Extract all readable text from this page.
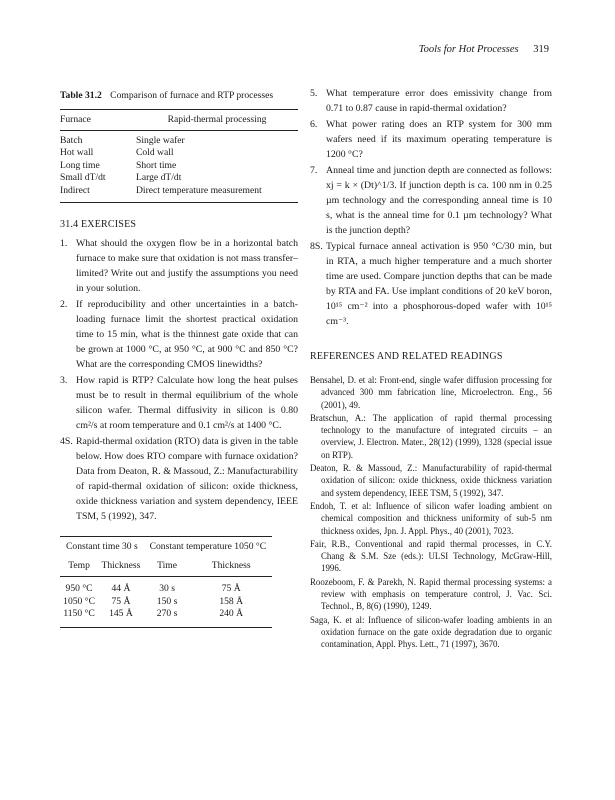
Tools for Hot Processes 319
Table 31.2 Comparison of furnace and RTP processes
Furnace	Rapid-thermal processing
Batch	Single wafer
Hot wall	Cold wall
Long time	Short time
Small dT/dt	Large dT/dt
Indirect	Direct temperature measurement
31.4 EXERCISES
1. What should the oxygen flow be in a horizontal batch furnace to make sure that oxidation is not mass transfer–limited? Write out and justify the assumptions you need in your solution.
2. If reproducibility and other uncertainties in a batch-loading furnace limit the shortest practical oxidation time to 15 min, what is the thinnest gate oxide that can be grown at 1000 °C, at 950 °C, at 900 °C and 850 °C? What are the corresponding CMOS linewidths?
3. How rapid is RTP? Calculate how long the heat pulses must be to result in thermal equilibrium of the whole silicon wafer. Thermal diffusivity in silicon is 0.80 cm²/s at room temperature and 0.1 cm²/s at 1400 °C.
4S. Rapid-thermal oxidation (RTO) data is given in the table below. How does RTO compare with furnace oxidation? Data from Deaton, R. & Massoud, Z.: Manufacturability of rapid-thermal oxidation of silicon: oxide thickness, oxide thickness variation and system dependency, IEEE TSM, 5 (1992), 347.
Constant time 30 s		Constant temperature 1050 °C	
Temp	Thickness	Time	Thickness
950 °C	44 Å	30 s	75 Å
1050 °C	75 Å	150 s	158 Å
1150 °C	145 Å	270 s	240 Å
5. What temperature error does emissivity change from 0.71 to 0.87 cause in rapid-thermal oxidation?
6. What power rating does an RTP system for 300 mm wafers need if its maximum operating temperature is 1200 °C?
7. Anneal time and junction depth are connected as follows: xj = k × (Dt)^1/3. If junction depth is ca. 100 nm in 0.25 µm technology and the corresponding anneal time is 10 s, what is the anneal time for 0.1 µm technology? What is the junction depth?
8S. Typical furnace anneal activation is 950 °C/30 min, but in RTA, a much higher temperature and a much shorter time are used. Compare junction depths that can be made by RTA and FA. Use implant conditions of 20 keV boron, 10¹⁵ cm⁻² into a phosphorous-doped wafer with 10¹⁵ cm⁻³.
REFERENCES AND RELATED READINGS
Bensahel, D. et al: Front-end, single wafer diffusion processing for advanced 300 mm fabrication line, Microelectron. Eng., 56 (2001), 49.
Bratschun, A.: The application of rapid thermal processing technology to the manufacture of integrated circuits – an overview, J. Electron. Mater., 28(12) (1999), 1328 (special issue on RTP).
Deaton, R. & Massoud, Z.: Manufacturability of rapid-thermal oxidation of silicon: oxide thickness, oxide thickness variation and system dependency, IEEE TSM, 5 (1992), 347.
Endoh, T. et al: Influence of silicon wafer loading ambient on chemical composition and thickness uniformity of sub-5 nm thickness oxides, Jpn. J. Appl. Phys., 40 (2001), 7023.
Fair, R.B., Conventional and rapid thermal processes, in C.Y. Chang & S.M. Sze (eds.): ULSI Technology, McGraw-Hill, 1996.
Roozeboom, F. & Parekh, N. Rapid thermal processing systems: a review with emphasis on temperature control, J. Vac. Sci. Technol., B, 8(6) (1990), 1249.
Saga, K. et al: Influence of silicon-wafer loading ambients in an oxidation furnace on the gate oxide degradation due to organic contamination, Appl. Phys. Lett., 71 (1997), 3670.
